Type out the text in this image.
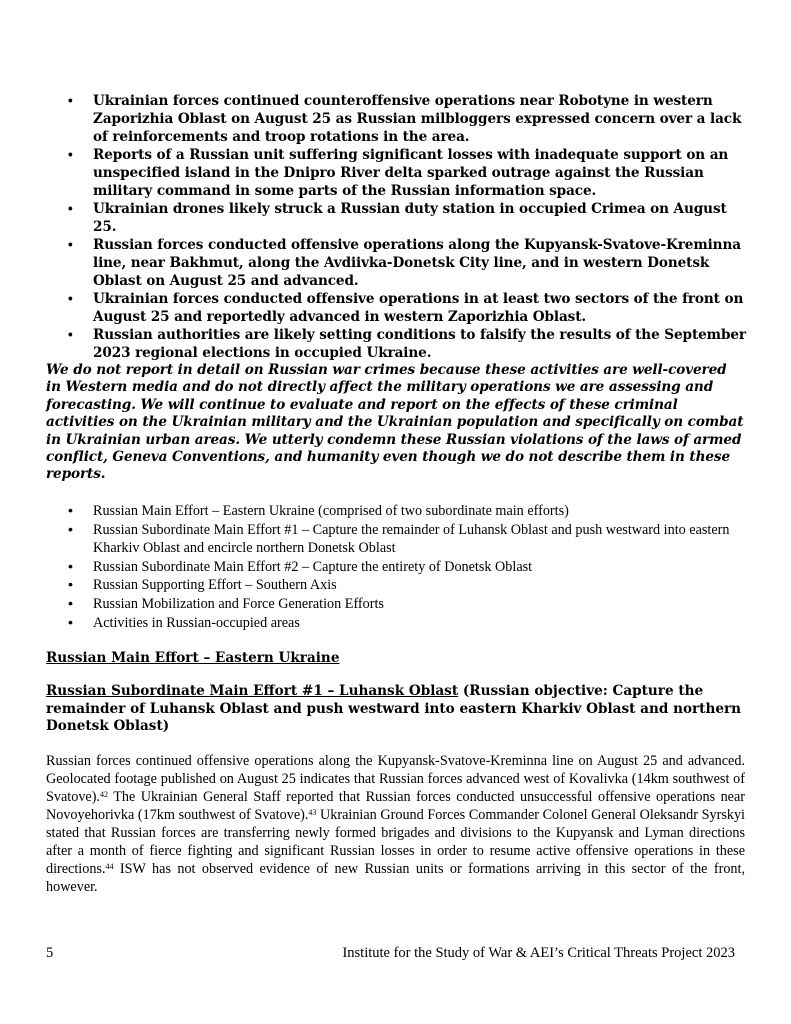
• Ukrainian forces continued counteroffensive operations near Robotyne in western Zaporizhia Oblast on August 25 as Russian milbloggers expressed concern over a lack of reinforcements and troop rotations in the area.
• Reports of a Russian unit suffering significant losses with inadequate support on an unspecified island in the Dnipro River delta sparked outrage against the Russian military command in some parts of the Russian information space.
• Ukrainian drones likely struck a Russian duty station in occupied Crimea on August 25.
• Russian forces conducted offensive operations along the Kupyansk-Svatove-Kreminna line, near Bakhmut, along the Avdiivka-Donetsk City line, and in western Donetsk Oblast on August 25 and advanced.
• Ukrainian forces conducted offensive operations in at least two sectors of the front on August 25 and reportedly advanced in western Zaporizhia Oblast.
• Russian authorities are likely setting conditions to falsify the results of the September 2023 regional elections in occupied Ukraine.

We do not report in detail on Russian war crimes because these activities are well-covered in Western media and do not directly affect the military operations we are assessing and forecasting. We will continue to evaluate and report on the effects of these criminal activities on the Ukrainian military and the Ukrainian population and specifically on combat in Ukrainian urban areas. We utterly condemn these Russian violations of the laws of armed conflict, Geneva Conventions, and humanity even though we do not describe them in these reports.

• Russian Main Effort – Eastern Ukraine (comprised of two subordinate main efforts)
• Russian Subordinate Main Effort #1 – Capture the remainder of Luhansk Oblast and push westward into eastern Kharkiv Oblast and encircle northern Donetsk Oblast
• Russian Subordinate Main Effort #2 – Capture the entirety of Donetsk Oblast
• Russian Supporting Effort – Southern Axis
• Russian Mobilization and Force Generation Efforts
• Activities in Russian-occupied areas
Russian Main Effort – Eastern Ukraine
Russian Subordinate Main Effort #1 – Luhansk Oblast (Russian objective: Capture the remainder of Luhansk Oblast and push westward into eastern Kharkiv Oblast and northern Donetsk Oblast)

Russian forces continued offensive operations along the Kupyansk-Svatove-Kreminna line on August 25 and advanced. Geolocated footage published on August 25 indicates that Russian forces advanced west of Kovalivka (14km southwest of Svatove).$^{42}$ The Ukrainian General Staff reported that Russian forces conducted unsuccessful offensive operations near Novoyehorivka (17km southwest of Svatove).$^{43}$ Ukrainian Ground Forces Commander Colonel General Oleksandr Syrskyi stated that Russian forces are transferring newly formed brigades and divisions to the Kupyansk and Lyman directions after a month of fierce fighting and significant Russian losses in order to resume active offensive operations in these directions.$^{44}$ ISW has not observed evidence of new Russian units or formations arriving in this sector of the front, however.

5	Institute for the Study of War & AEI’s Critical Threats Project 2023
